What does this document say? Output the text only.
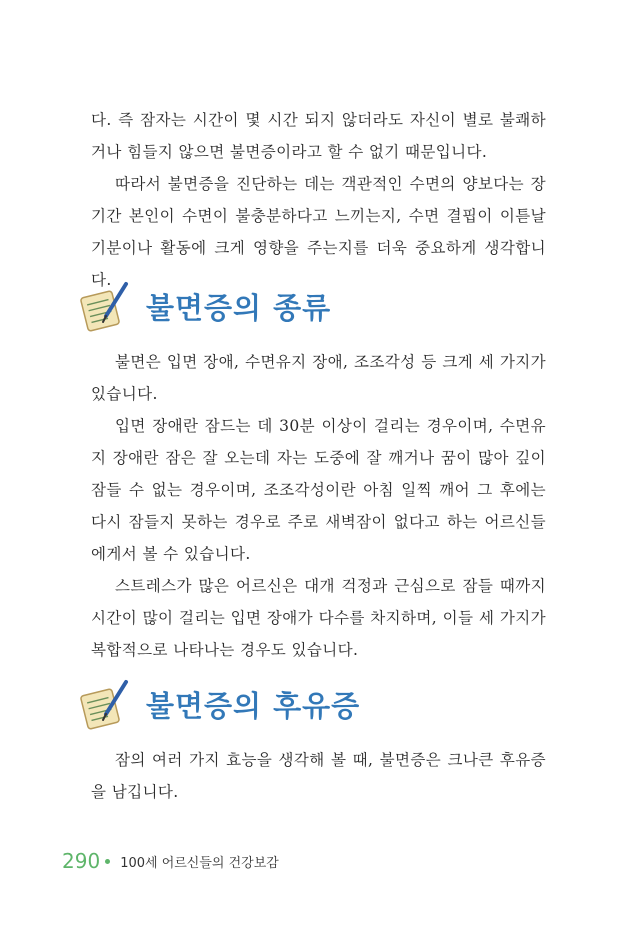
다. 즉 잠자는 시간이 몇 시간 되지 않더라도 자신이 별로 불쾌하거나 힘들지 않으면 불면증이라고 할 수 없기 때문입니다.

따라서 불면증을 진단하는 데는 객관적인 수면의 양보다는 장기간 본인이 수면이 불충분하다고 느끼는지, 수면 결핍이 이튿날 기분이나 활동에 크게 영향을 주는지를 더욱 중요하게 생각합니다.

불면증의 종류

불면은 입면 장애, 수면유지 장애, 조조각성 등 크게 세 가지가 있습니다.

입면 장애란 잠드는 데 30분 이상이 걸리는 경우이며, 수면유지 장애란 잠은 잘 오는데 자는 도중에 잘 깨거나 꿈이 많아 깊이 잠들 수 없는 경우이며, 조조각성이란 아침 일찍 깨어 그 후에는 다시 잠들지 못하는 경우로 주로 새벽잠이 없다고 하는 어르신들에게서 볼 수 있습니다.

스트레스가 많은 어르신은 대개 걱정과 근심으로 잠들 때까지 시간이 많이 걸리는 입면 장애가 다수를 차지하며, 이들 세 가지가 복합적으로 나타나는 경우도 있습니다.

불면증의 후유증

잠의 여러 가지 효능을 생각해 볼 때, 불면증은 크나큰 후유증을 남깁니다.

290 100세 어르신들의 건강보감
